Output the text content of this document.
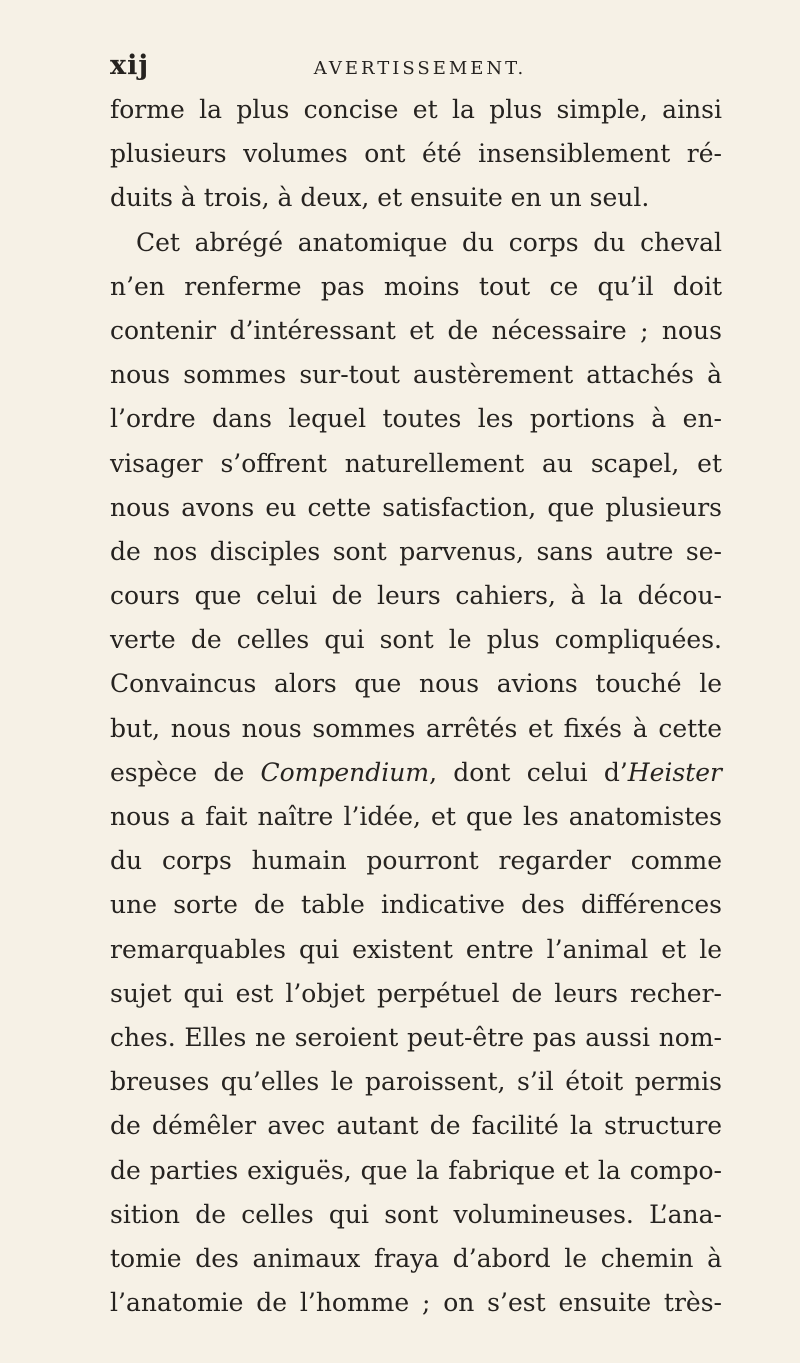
xij	AVERTISSEMENT.
forme la plus concise et la plus simple, ainsi
plusieurs volumes ont été insensiblement ré-
duits à trois, à deux, et ensuite en un seul.
Cet abrégé anatomique du corps du cheval
n’en renferme pas moins tout ce qu’il doit
contenir d’intéressant et de nécessaire ; nous
nous sommes sur-tout austèrement attachés à
l’ordre dans lequel toutes les portions à en-
visager s’offrent naturellement au scapel, et
nous avons eu cette satisfaction, que plusieurs
de nos disciples sont parvenus, sans autre se-
cours que celui de leurs cahiers, à la décou-
verte de celles qui sont le plus compliquées.
Convaincus alors que nous avions touché le
but, nous nous sommes arrêtés et fixés à cette
espèce de Compendium, dont celui d’Heister
nous a fait naître l’idée, et que les anatomistes
du corps humain pourront regarder comme
une sorte de table indicative des différences
remarquables qui existent entre l’animal et le
sujet qui est l’objet perpétuel de leurs recher-
ches. Elles ne seroient peut-être pas aussi nom-
breuses qu’elles le paroissent, s’il étoit permis
de démêler avec autant de facilité la structure
de parties exiguës, que la fabrique et la compo-
sition de celles qui sont volumineuses. L’ana-
tomie des animaux fraya d’abord le chemin à
l’anatomie de l’homme ; on s’est ensuite très-
